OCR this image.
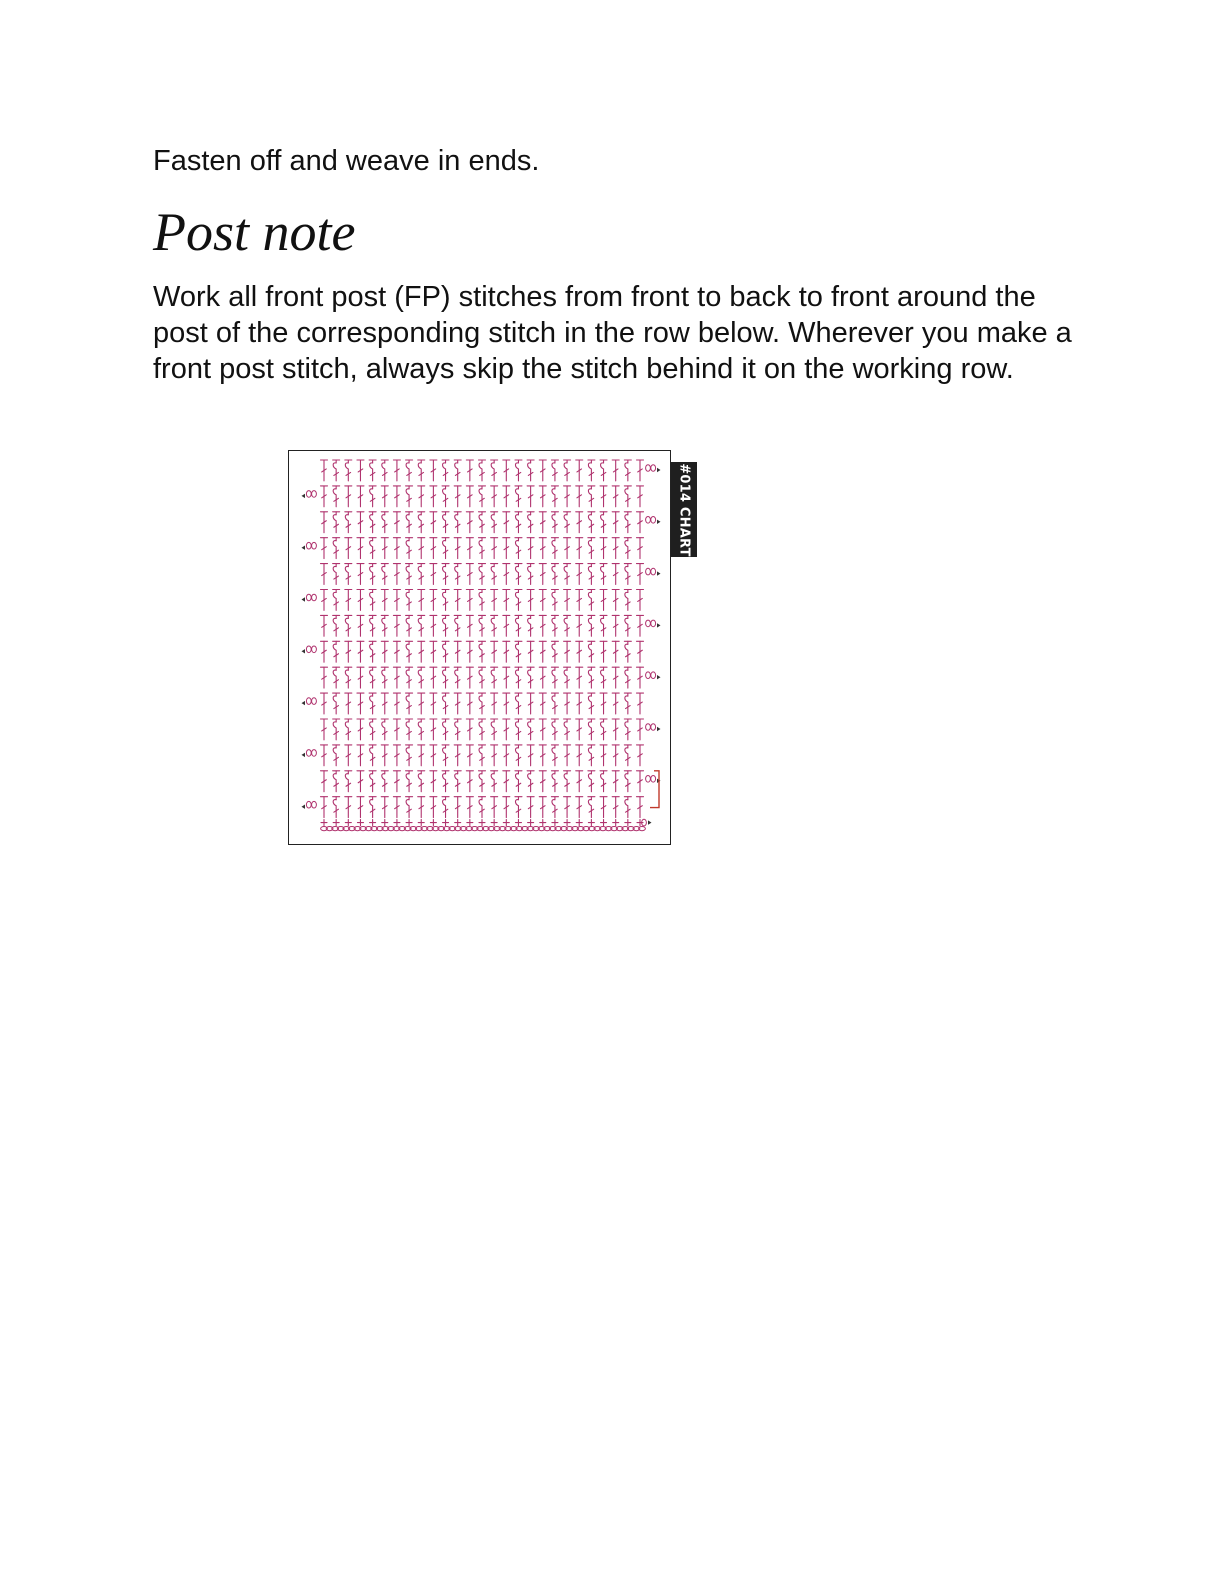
Fasten off and weave in ends.

Post note

Work all front post (FP) stitches from front to back to front around the post of the corresponding stitch in the row below. Wherever you make a front post stitch, always skip the stitch behind it on the working row.

#014 CHART
